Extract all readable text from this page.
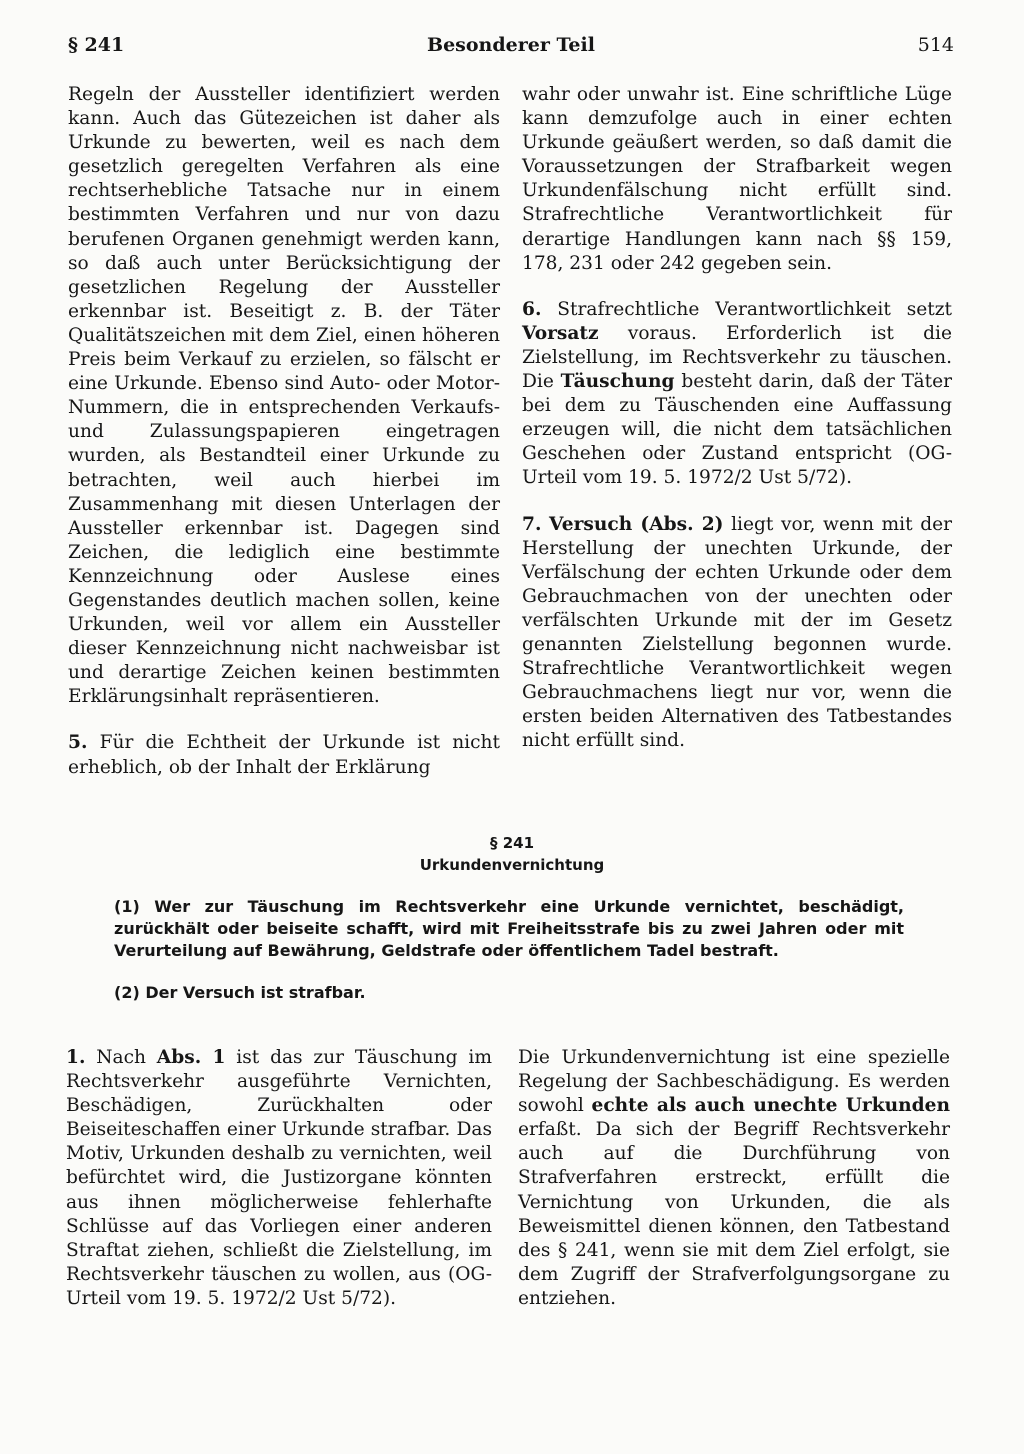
Besonderer Teil
§ 241	514

Regeln der Aussteller identifiziert werden kann. Auch das Gütezeichen ist daher als Urkunde zu bewerten, weil es nach dem gesetzlich geregelten Verfahren als eine rechtserhebliche Tatsache nur in einem bestimmten Verfahren und nur von dazu berufenen Organen genehmigt werden kann, so daß auch unter Berücksichtigung der gesetzlichen Regelung der Aussteller erkennbar ist. Beseitigt z. B. der Täter Qualitätszeichen mit dem Ziel, einen höheren Preis beim Verkauf zu erzielen, so fälscht er eine Urkunde. Ebenso sind Auto- oder Motor-Nummern, die in entsprechenden Verkaufs- und Zulassungspapieren eingetragen wurden, als Bestandteil einer Urkunde zu betrachten, weil auch hierbei im Zusammenhang mit diesen Unterlagen der Aussteller erkennbar ist. Dagegen sind Zeichen, die lediglich eine bestimmte Kennzeichnung oder Auslese eines Gegenstandes deutlich machen sollen, keine Urkunden, weil vor allem ein Aussteller dieser Kennzeichnung nicht nachweisbar ist und derartige Zeichen keinen bestimmten Erklärungsinhalt repräsentieren.

5. Für die Echtheit der Urkunde ist nicht erheblich, ob der Inhalt der Erklärung

wahr oder unwahr ist. Eine schriftliche Lüge kann demzufolge auch in einer echten Urkunde geäußert werden, so daß damit die Voraussetzungen der Strafbarkeit wegen Urkundenfälschung nicht erfüllt sind. Strafrechtliche Verantwortlichkeit für derartige Handlungen kann nach §§ 159, 178, 231 oder 242 gegeben sein.

6. Strafrechtliche Verantwortlichkeit setzt Vorsatz voraus. Erforderlich ist die Zielstellung, im Rechtsverkehr zu täuschen. Die Täuschung besteht darin, daß der Täter bei dem zu Täuschenden eine Auffassung erzeugen will, die nicht dem tatsächlichen Geschehen oder Zustand entspricht (OG-Urteil vom 19. 5. 1972/2 Ust 5/72).

7. Versuch (Abs. 2) liegt vor, wenn mit der Herstellung der unechten Urkunde, der Verfälschung der echten Urkunde oder dem Gebrauchmachen von der unechten oder verfälschten Urkunde mit der im Gesetz genannten Zielstellung begonnen wurde. Strafrechtliche Verantwortlichkeit wegen Gebrauchmachens liegt nur vor, wenn die ersten beiden Alternativen des Tatbestandes nicht erfüllt sind.

§ 241
Urkundenvernichtung
(1) Wer zur Täuschung im Rechtsverkehr eine Urkunde vernichtet, beschädigt, zurückhält oder beiseite schafft, wird mit Freiheitsstrafe bis zu zwei Jahren oder mit Verurteilung auf Bewährung, Geldstrafe oder öffentlichem Tadel bestraft.
(2) Der Versuch ist strafbar.

1. Nach Abs. 1 ist das zur Täuschung im Rechtsverkehr ausgeführte Vernichten, Beschädigen, Zurückhalten oder Beiseiteschaffen einer Urkunde strafbar. Das Motiv, Urkunden deshalb zu vernichten, weil befürchtet wird, die Justizorgane könnten aus ihnen möglicherweise fehlerhafte Schlüsse auf das Vorliegen einer anderen Straftat ziehen, schließt die Zielstellung, im Rechtsverkehr täuschen zu wollen, aus (OG-Urteil vom 19. 5. 1972/2 Ust 5/72).

Die Urkundenvernichtung ist eine spezielle Regelung der Sachbeschädigung. Es werden sowohl echte als auch unechte Urkunden erfaßt. Da sich der Begriff Rechtsverkehr auch auf die Durchführung von Strafverfahren erstreckt, erfüllt die Vernichtung von Urkunden, die als Beweismittel dienen können, den Tatbestand des § 241, wenn sie mit dem Ziel erfolgt, sie dem Zugriff der Strafverfolgungsorgane zu entziehen.
